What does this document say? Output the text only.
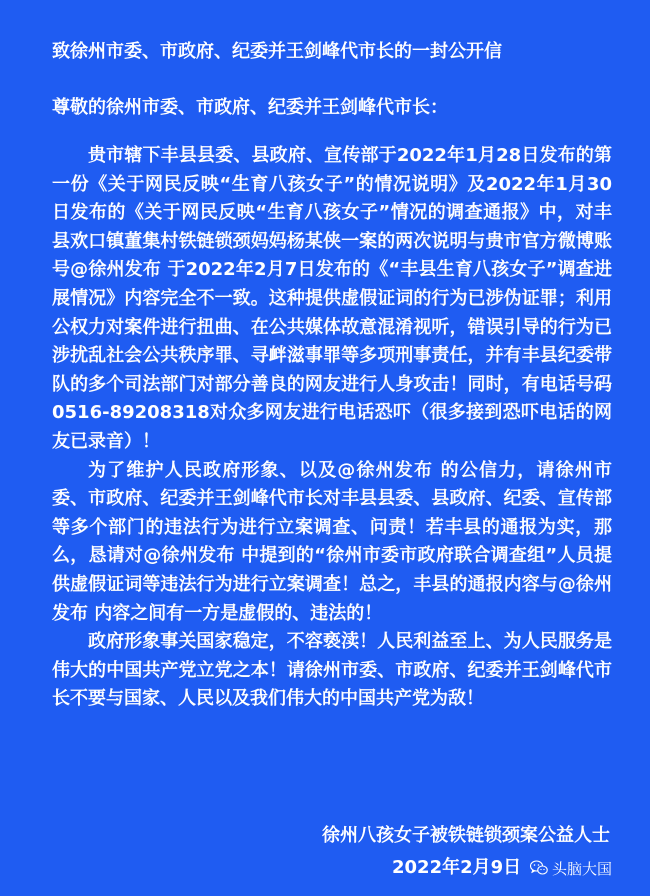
致徐州市委、市政府、纪委并王剑峰代市长的一封公开信
尊敬的徐州市委、市政府、纪委并王剑峰代市长：

贵市辖下丰县县委、县政府、宣传部于2022年1月28日发布的第一份《关于网民反映“生育八孩女子”的情况说明》及2022年1月30日发布的《关于网民反映“生育八孩女子”情况的调查通报》中，对丰县欢口镇董集村铁链锁颈妈妈杨某侠一案的两次说明与贵市官方微博账号@徐州发布 于2022年2月7日发布的《“丰县生育八孩女子”调查进展情况》内容完全不一致。这种提供虚假证词的行为已涉伪证罪；利用公权力对案件进行扭曲、在公共媒体故意混淆视听，错误引导的行为已涉扰乱社会公共秩序罪、寻衅滋事罪等多项刑事责任，并有丰县纪委带队的多个司法部门对部分善良的网友进行人身攻击！同时，有电话号码0516-89208318对众多网友进行电话恐吓（很多接到恐吓电话的网友已录音）！

为了维护人民政府形象、以及@徐州发布 的公信力，请徐州市委、市政府、纪委并王剑峰代市长对丰县县委、县政府、纪委、宣传部等多个部门的违法行为进行立案调查、问责！若丰县的通报为实，那么，恳请对@徐州发布 中提到的“徐州市委市政府联合调查组”人员提供虚假证词等违法行为进行立案调查！总之，丰县的通报内容与@徐州发布 内容之间有一方是虚假的、违法的！

政府形象事关国家稳定，不容亵渎！人民利益至上、为人民服务是伟大的中国共产党立党之本！请徐州市委、市政府、纪委并王剑峰代市长不要与国家、人民以及我们伟大的中国共产党为敌！

徐州八孩女子被铁链锁颈案公益人士
2022年2月9日 头脑大国
